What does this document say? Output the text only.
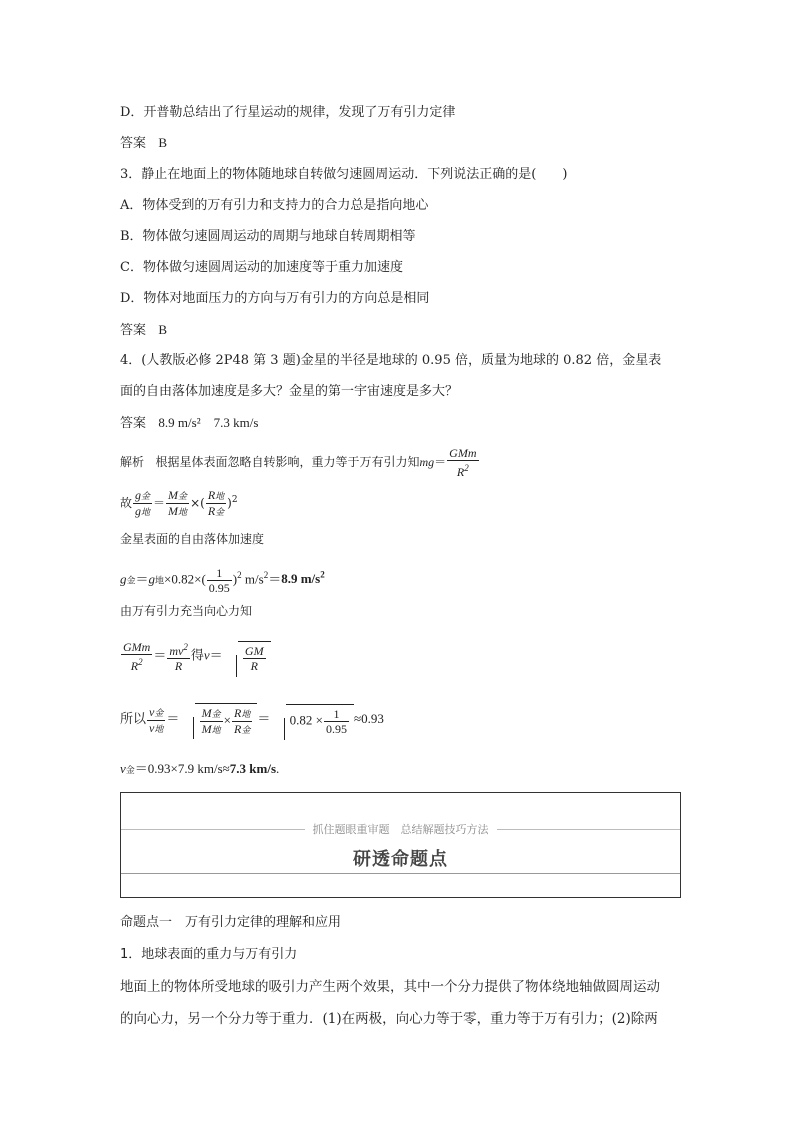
D．开普勒总结出了行星运动的规律，发现了万有引力定律
答案 B
3．静止在地面上的物体随地球自转做匀速圆周运动．下列说法正确的是(　　)
A．物体受到的万有引力和支持力的合力总是指向地心
B．物体做匀速圆周运动的周期与地球自转周期相等
C．物体做匀速圆周运动的加速度等于重力加速度
D．物体对地面压力的方向与万有引力的方向总是相同
答案 B
4．(人教版必修 2P48 第 3 题)金星的半径是地球的 0.95 倍，质量为地球的 0.82 倍，金星表
面的自由落体加速度是多大？金星的第一宇宙速度是多大？
答案 8.9 m/s²　7.3 km/s
解析 根据星体表面忽略自转影响，重力等于万有引力知$mg= \frac{\text{GMm}}{R^2}$
故 $\frac{\text{g金}}{\text{g地}} = \frac{\text{M金}}{\text{M地}}$ ×( $\frac{\text{R地}}{\text{R金}} )^2$
金星表面的自由落体加速度
g金＝g地$\times 0.82\times( \frac{1}{0.95} )^2$ $m/s^2=8.9$ $m/s^2$
由万有引力充当向心力知
$\frac{\text{GMm}}{R^2} = \frac{mv^2}{R}$ 得$v= \frac{GM}{R}$
所以 $\frac{\text{v金}}{\text{v地}} = \frac{\text{M金}}{\text{M地}} \times \frac{\text{R地}}{\text{R金}} = 0.82 \times \frac{1}{0.95} \approx 0.93$
v金＝0.93×7.9 km/s≈7.3 km/s.
抓住题眼重审题　总结解题技巧方法
研透命题点
命题点一　万有引力定律的理解和应用
1．地球表面的重力与万有引力
地面上的物体所受地球的吸引力产生两个效果，其中一个分力提供了物体绕地轴做圆周运动
的向心力，另一个分力等于重力．(1)在两极，向心力等于零，重力等于万有引力；(2)除两
